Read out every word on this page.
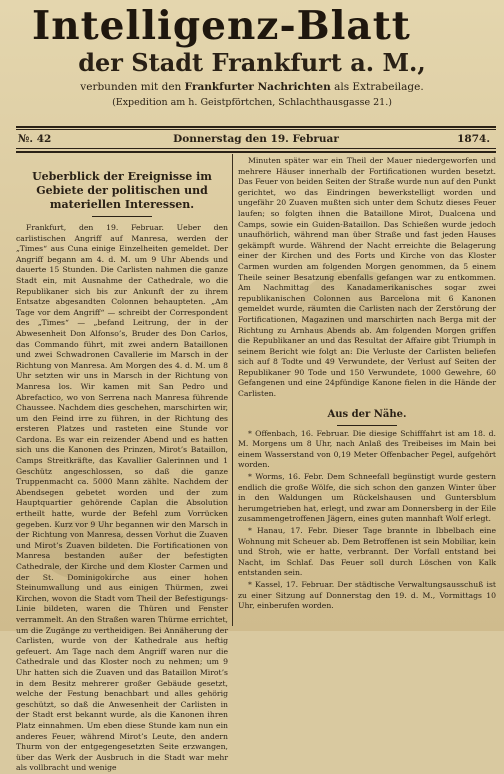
Intelligenz-Blatt
der Stadt Frankfurt a. M.,
verbunden mit den Frankfurter Nachrichten als Extrabeilage.
(Expedition am h. Geistpförtchen, Schlachthausgasse 21.)
№. 42	Donnerstag den 19. Februar	1874.
Ueberblick der Ereignisse im Gebiete der politischen und materiellen Interessen.

Frankfurt, den 19. Februar. Ueber den carlistischen Angriff auf Manresa, werden der „Times“ aus Cuna einige Einzelheiten gemeldet. Der Angriff begann am 4. d. M. um 9 Uhr Abends und dauerte 15 Stunden. Die Carlisten nahmen die ganze Stadt ein, mit Ausnahme der Cathedrale, wo die Republikaner sich bis zur Ankunft der zu ihrem Entsatze abgesandten Colonnen behaupteten. „Am Tage vor dem Angriff“ — schreibt der Correspondent des „Times“ — „befand Leitrung, der in der Abwesenheit Don Alfonso’s, Bruder des Don Carlos, das Commando führt, mit zwei andern Bataillonen und zwei Schwadronen Cavallerie im Marsch in der Richtung von Manresa. Am Morgen des 4. d. M. um 8 Uhr setzten wir uns in Marsch in der Richtung von Manresa los. Wir kamen mit San Pedro und Abrefactico, wo von Serrena nach Manresa führende Chaussee. Nachdem dies geschehen, marschirten wir, um den Feind irre zu führen, in der Richtung des ersteren Platzes und rasteten eine Stunde vor Cardona. Es war ein reizender Abend und es hatten sich uns die Kanonen des Prinzen, Mirot’s Bataillon, Camps Streitkräfte, das Kavallier Galerinnen und 1 Geschütz angeschlossen, so daß die ganze Truppenmacht ca. 5000 Mann zählte. Nachdem der Abendsegen gebetet worden und der zum Hauptquartier gehörende Caplan die Absolution ertheilt hatte, wurde der Befehl zum Vorrücken gegeben. Kurz vor 9 Uhr begannen wir den Marsch in der Richtung von Manresa, dessen Vorhut die Zuaven und Mirot’s Zuaven bildeten. Die Fortificationen von Manresa bestanden außer der befestigten Cathedrale, der Kirche und dem Kloster Carmen und der St. Dominigokirche aus einer hohen Steinumwallung und aus einigen Thürmen, zwei Kirchen, wovon die Stadt vom Theil der Befestigungs-Linie bildeten, waren die Thüren und Fenster verrammelt. An den Straßen waren Thürme errichtet, um die Zugänge zu vertheidigen. Bei Annäherung der Carlisten, wurde von der Kathedrale aus heftig gefeuert. Am Tage nach dem Angriff waren nur die Cathedrale und das Kloster noch zu nehmen; um 9 Uhr hatten sich die Zuaven und das Bataillon Mirot’s in dem Besitz mehrerer großer Gebäude gesetzt, welche der Festung benachbart und alles gehörig geschützt, so daß die Anwesenheit der Carlisten in der Stadt erst bekannt wurde, als die Kanonen ihren Platz einnahmen. Um eben diese Stunde kam nun ein anderes Feuer, während Mirot’s Leute, den andern Thurm von der entgegengesetzten Seite erzwangen, über das Werk der Ausbruch in die Stadt war mehr als vollbracht und wenige

Minuten später war ein Theil der Mauer niedergeworfen und mehrere Häuser innerhalb der Fortificationen wurden besetzt. Das Feuer von beiden Seiten der Straße wurde nun auf den Punkt gerichtet, wo das Eindringen bewerkstelligt worden und ungefähr 20 Zuaven mußten sich unter dem Schutz dieses Feuer laufen; so folgten ihnen die Bataillone Mirot, Dualcena und Camps, sowie ein Guiden-Bataillon. Das Schießen wurde jedoch unaufhörlich, während man über Straße und fast jeden Hauses gekämpft wurde. Während der Nacht erreichte die Belagerung einer der Kirchen und des Forts und Kirche von das Kloster Carmen wurden am folgenden Morgen genommen, da 5 einem Theile seiner Besatzung ebenfalls gefangen war zu entkommen. Am Nachmittag des Kanadamerikanisches sogar zwei republikanischen Colonnen aus Barcelona mit 6 Kanonen gemeldet wurde, räumten die Carlisten nach der Zerstörung der Fortificationen, Magazinen und marschirten nach Berga mit der Richtung zu Arnhaus Abends ab. Am folgenden Morgen griffen die Republikaner an und das Resultat der Affaire gibt Triumph in seinem Bericht wie folgt an: Die Verluste der Carlisten beliefen sich auf 8 Todte und 49 Verwundete, der Verlust auf Seiten der Republikaner 90 Tode und 150 Verwundete, 1000 Gewehre, 60 Gefangenen und eine 24pfündige Kanone fielen in die Hände der Carlisten.

Aus der Nähe.

* Offenbach, 16. Februar. Die diesige Schifffahrt ist am 18. d. M. Morgens um 8 Uhr, nach Anlaß des Treibeises im Main bei einem Wasserstand von 0,19 Meter Offenbacher Pegel, aufgehört worden.

* Worms, 16. Febr. Dem Schneefall begünstigt wurde gestern endlich die große Wölfe, die sich schon den ganzen Winter über in den Waldungen um Rückelshausen und Guntersblum herumgetrieben hat, erlegt, und zwar am Donnersberg in der Eile zusammengetroffenen Jägern, eines guten mannhaft Wolf erlegt.

* Hanau, 17. Febr. Dieser Tage brannte in Ibbelbach eine Wohnung mit Scheuer ab. Dem Betroffenen ist sein Mobiliar, kein und Stroh, wie er hatte, verbrannt. Der Vorfall entstand bei Nacht, im Schlaf. Das Feuer soll durch Löschen von Kalk entstanden sein.

* Kassel, 17. Februar. Der städtische Verwaltungsausschuß ist zu einer Sitzung auf Donnerstag den 19. d. M., Vormittags 10 Uhr, einberufen worden.
